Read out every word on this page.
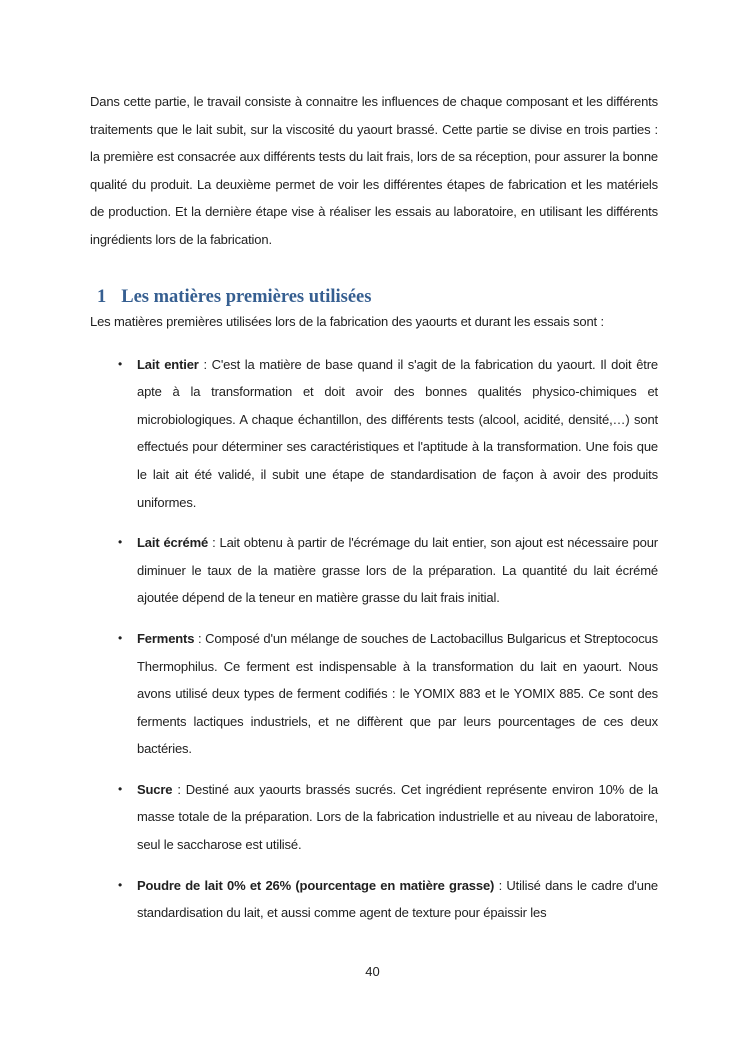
Dans cette partie, le travail consiste à connaitre les influences de chaque composant et les différents traitements que le lait subit, sur la viscosité du yaourt brassé. Cette partie se divise en trois parties : la première est consacrée aux différents tests du lait frais, lors de sa réception, pour assurer la bonne qualité du produit. La deuxième permet de voir les différentes étapes de fabrication et les matériels de production. Et la dernière étape vise à réaliser les essais au laboratoire, en utilisant les différents ingrédients lors de la fabrication.

1 Les matières premières utilisées

Les matières premières utilisées lors de la fabrication des yaourts et durant les essais sont :

• Lait entier : C'est la matière de base quand il s'agit de la fabrication du yaourt. Il doit être apte à la transformation et doit avoir des bonnes qualités physico-chimiques et microbiologiques. A chaque échantillon, des différents tests (alcool, acidité, densité,…) sont effectués pour déterminer ses caractéristiques et l'aptitude à la transformation. Une fois que le lait ait été validé, il subit une étape de standardisation de façon à avoir des produits uniformes.
• Lait écrémé : Lait obtenu à partir de l'écrémage du lait entier, son ajout est nécessaire pour diminuer le taux de la matière grasse lors de la préparation. La quantité du lait écrémé ajoutée dépend de la teneur en matière grasse du lait frais initial.
• Ferments : Composé d'un mélange de souches de Lactobacillus Bulgaricus et Streptococus Thermophilus. Ce ferment est indispensable à la transformation du lait en yaourt. Nous avons utilisé deux types de ferment codifiés : le YOMIX 883 et le YOMIX 885. Ce sont des ferments lactiques industriels, et ne diffèrent que par leurs pourcentages de ces deux bactéries.
• Sucre : Destiné aux yaourts brassés sucrés. Cet ingrédient représente environ 10% de la masse totale de la préparation. Lors de la fabrication industrielle et au niveau de laboratoire, seul le saccharose est utilisé.
• Poudre de lait 0% et 26% (pourcentage en matière grasse) : Utilisé dans le cadre d'une standardisation du lait, et aussi comme agent de texture pour épaissir les
40
